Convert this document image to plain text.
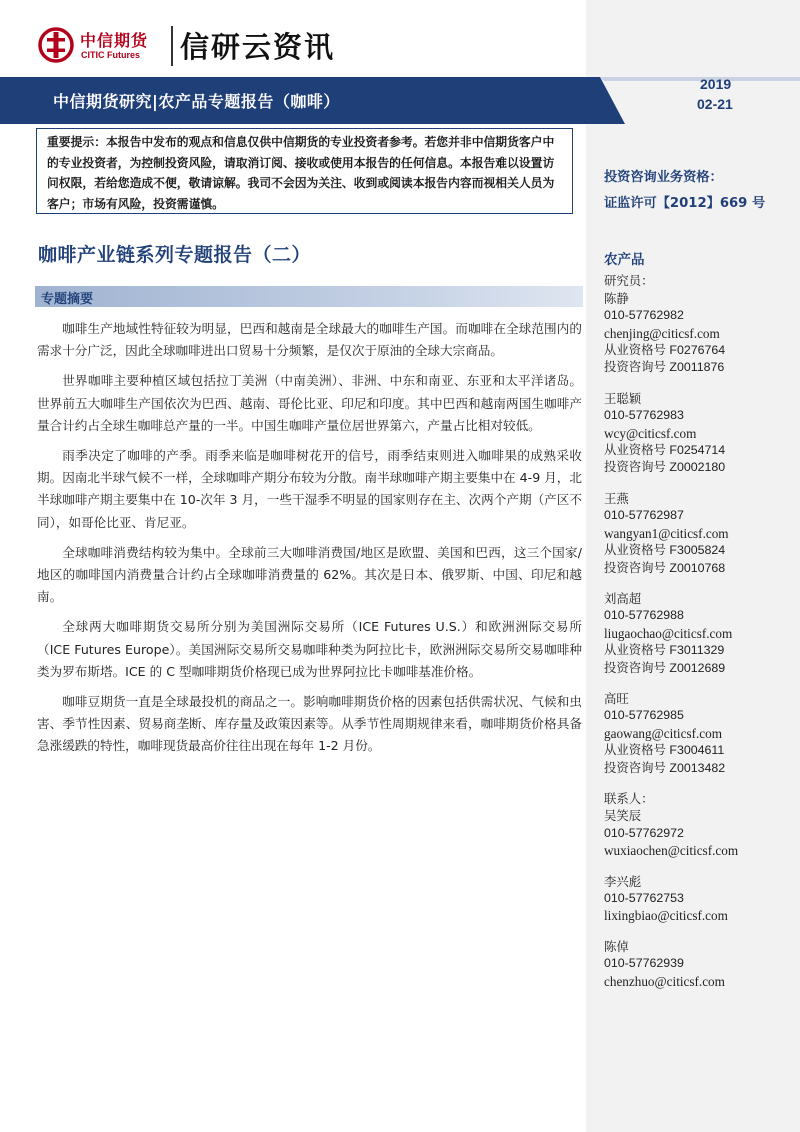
中信期货
CITIC Futures 信研云资讯
中信期货研究|农产品专题报告（咖啡）
2019
02-21
重要提示：本报告中发布的观点和信息仅供中信期货的专业投资者参考。若您并非中信期货客户中的专业投资者，为控制投资风险，请取消订阅、接收或使用本报告的任何信息。本报告难以设置访问权限，若给您造成不便，敬请谅解。我司不会因为关注、收到或阅读本报告内容而视相关人员为客户；市场有风险，投资需谨慎。
咖啡产业链系列专题报告（二）
专题摘要

咖啡生产地域性特征较为明显，巴西和越南是全球最大的咖啡生产国。而咖啡在全球范围内的需求十分广泛，因此全球咖啡进出口贸易十分频繁，是仅次于原油的全球大宗商品。

世界咖啡主要种植区域包括拉丁美洲（中南美洲）、非洲、中东和南亚、东亚和太平洋诸岛。世界前五大咖啡生产国依次为巴西、越南、哥伦比亚、印尼和印度。其中巴西和越南两国生咖啡产量合计约占全球生咖啡总产量的一半。中国生咖啡产量位居世界第六，产量占比相对较低。

雨季决定了咖啡的产季。雨季来临是咖啡树花开的信号，雨季结束则进入咖啡果的成熟采收期。因南北半球气候不一样，全球咖啡产期分布较为分散。南半球咖啡产期主要集中在 4-9 月，北半球咖啡产期主要集中在 10-次年 3 月，一些干湿季不明显的国家则存在主、次两个产期（产区不同），如哥伦比亚、肯尼亚。

全球咖啡消费结构较为集中。全球前三大咖啡消费国/地区是欧盟、美国和巴西，这三个国家/地区的咖啡国内消费量合计约占全球咖啡消费量的 62%。其次是日本、俄罗斯、中国、印尼和越南。

全球两大咖啡期货交易所分别为美国洲际交易所（ICE Futures U.S.）和欧洲洲际交易所（ICE Futures Europe）。美国洲际交易所交易咖啡种类为阿拉比卡，欧洲洲际交易所交易咖啡种类为罗布斯塔。ICE 的 C 型咖啡期货价格现已成为世界阿拉比卡咖啡基准价格。

咖啡豆期货一直是全球最投机的商品之一。影响咖啡期货价格的因素包括供需状况、气候和虫害、季节性因素、贸易商垄断、库存量及政策因素等。从季节性周期规律来看，咖啡期货价格具备急涨缓跌的特性，咖啡现货最高价往往出现在每年 1-2 月份。

投资咨询业务资格：
证监许可【2012】669 号
农产品
研究员：
陈静
010-57762982
chenjing@citicsf.com
从业资格号 F0276764
投资咨询号 Z0011876
王聪颖
010-57762983
wcy@citicsf.com
从业资格号 F0254714
投资咨询号 Z0002180
王燕
010-57762987
wangyan1@citicsf.com
从业资格号 F3005824
投资咨询号 Z0010768
刘高超
010-57762988
liugaochao@citicsf.com
从业资格号 F3011329
投资咨询号 Z0012689
高旺
010-57762985
gaowang@citicsf.com
从业资格号 F3004611
投资咨询号 Z0013482
联系人：
吴笑辰
010-57762972
wuxiaochen@citicsf.com
李兴彪
010-57762753
lixingbiao@citicsf.com
陈倬
010-57762939
chenzhuo@citicsf.com
